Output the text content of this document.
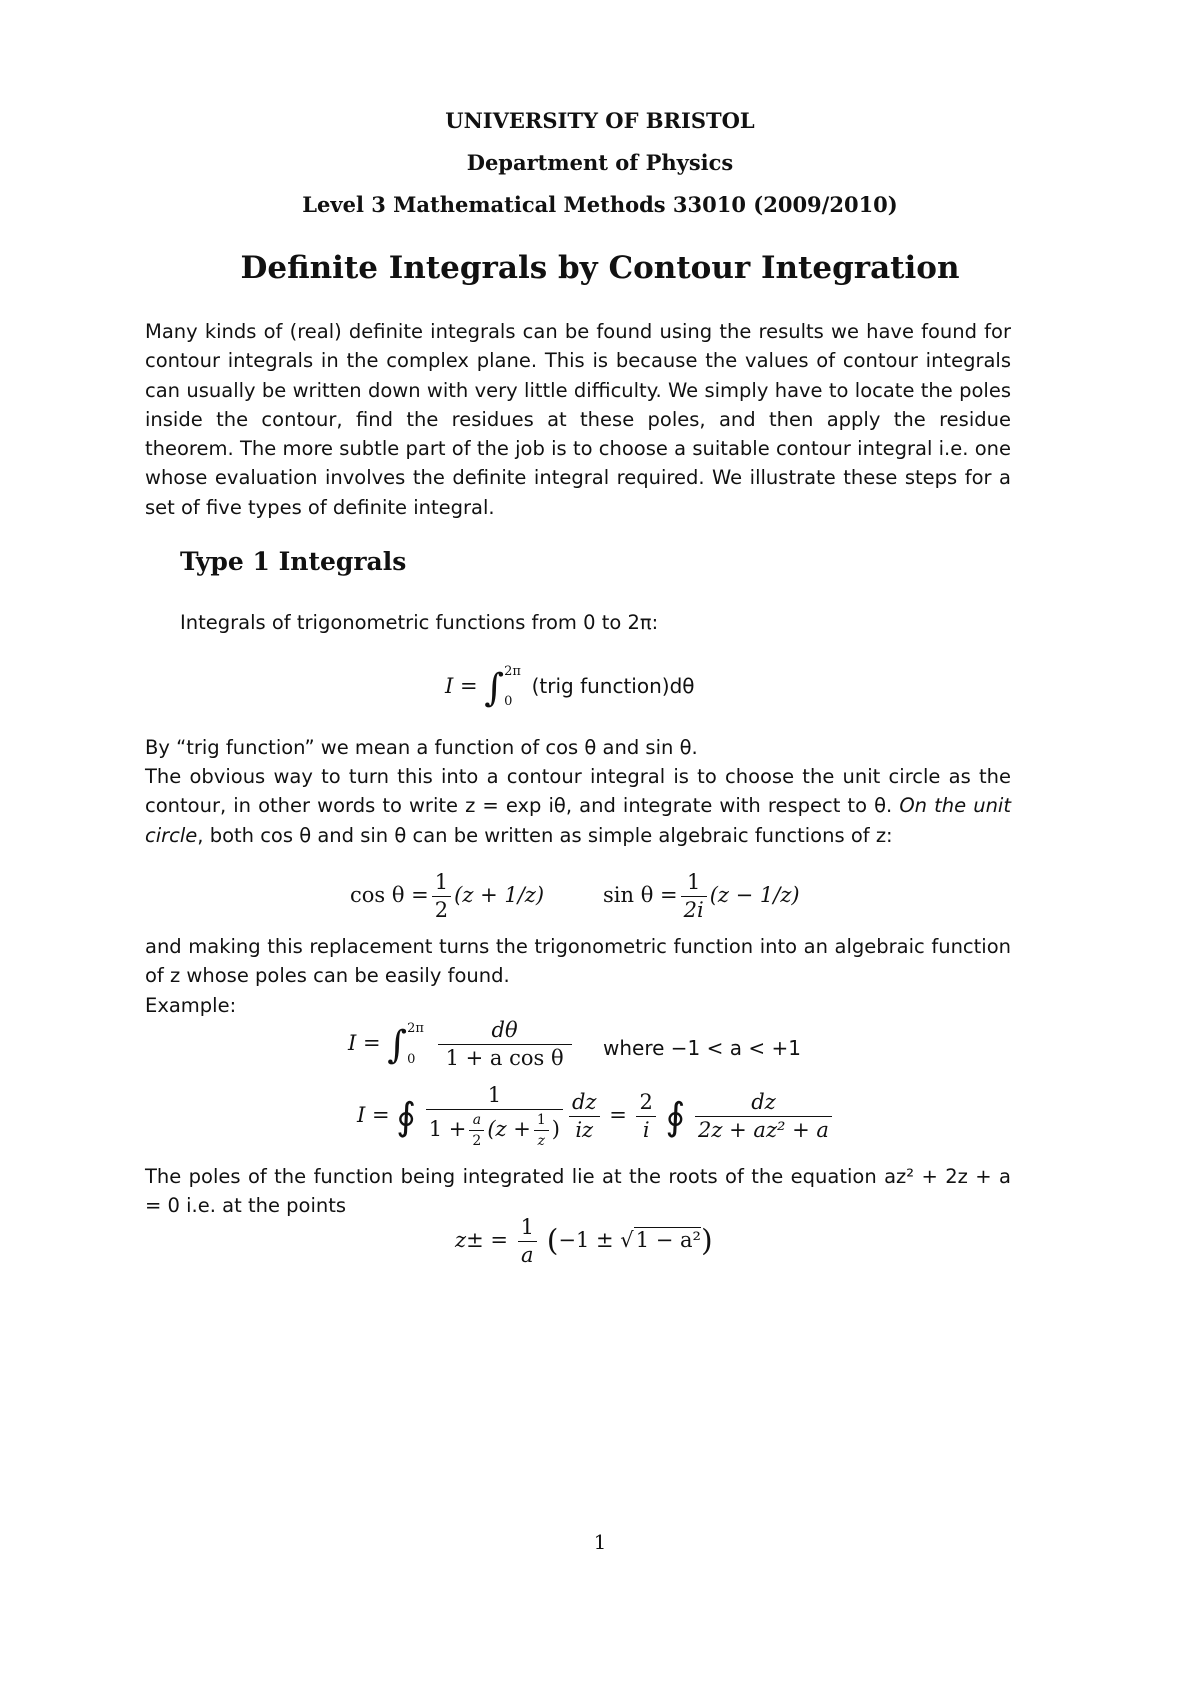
UNIVERSITY OF BRISTOL
Department of Physics
Level 3 Mathematical Methods 33010 (2009/2010)
Definite Integrals by Contour Integration
Many kinds of (real) definite integrals can be found using the results we have found for contour integrals in the complex plane. This is because the values of contour integrals can usually be written down with very little difficulty. We simply have to locate the poles inside the contour, find the residues at these poles, and then apply the residue theorem. The more subtle part of the job is to choose a suitable contour integral i.e. one whose evaluation involves the definite integral required. We illustrate these steps for a set of five types of definite integral.
Type 1 Integrals
Integrals of trigonometric functions from 0 to 2π:
I = ∫ 2π
0
(trig function)dθ
By “trig function” we mean a function of cos θ and sin θ.
The obvious way to turn this into a contour integral is to choose the unit circle as the contour, in other words to write z = exp iθ, and integrate with respect to θ. On the unit circle, both cos θ and sin θ can be written as simple algebraic functions of z:
$\cos \theta = \frac{1}{2} (z + 1/z)$	$\sin \theta = \frac{1}{2i} (z - 1/z)$
and making this replacement turns the trigonometric function into an algebraic function of z whose poles can be easily found.
Example:
I = ∫ 2π
0
	$\frac{d\theta}{\text{1 + a cos θ}}$ where −1 < a < +1
I = ∮ $\frac{1}{1 + \frac{a}{2} (z + \frac{1}{z} )} \frac{dz}{iz} = \frac{2}{i}$ ∮ $\frac{dz}{\text{2z + az² + a}}$
The poles of the function being integrated lie at the roots of the equation az² + 2z + a = 0 i.e. at the points
$z\pm = \frac{1}{a} (-1 \pm √1 - a^2)$
1
